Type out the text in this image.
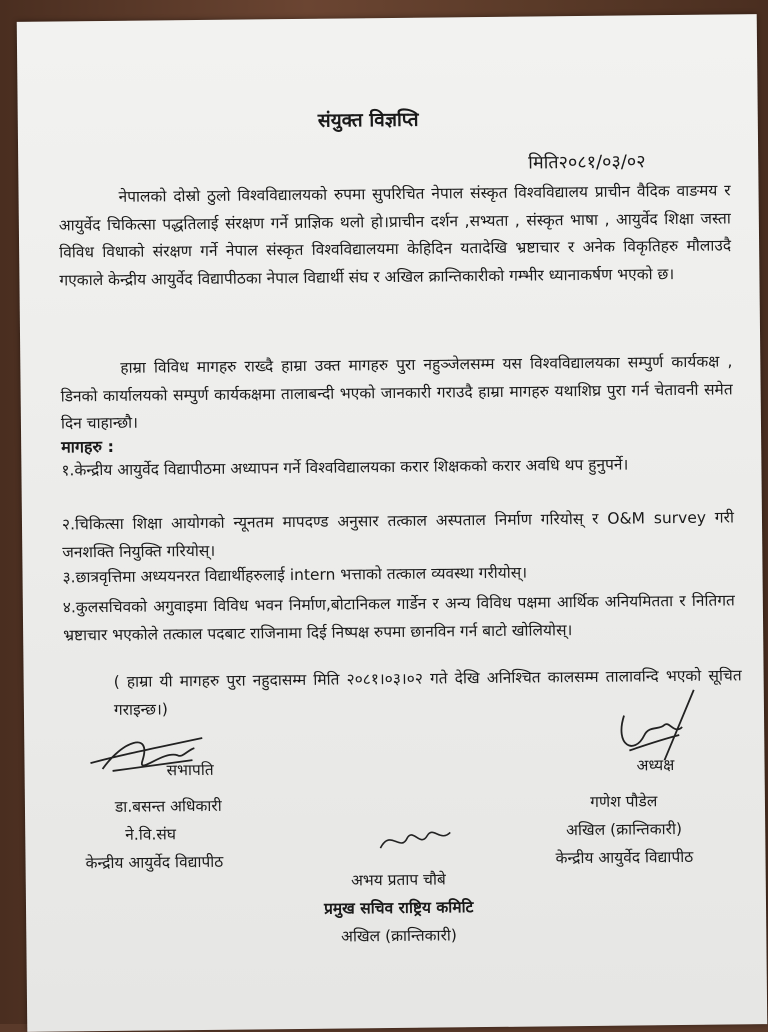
संयुक्त विज्ञप्ति
मिति२०८१/०३/०२
नेपालको दोस्रो ठुलो विश्वविद्यालयको रुपमा सुपरिचित नेपाल संस्कृत विश्वविद्यालय प्राचीन वैदिक वाङमय र आयुर्वेद चिकित्सा पद्धतिलाई संरक्षण गर्ने प्राज्ञिक थलो हो।प्राचीन दर्शन ,सभ्यता , संस्कृत भाषा , आयुर्वेद शिक्षा जस्ता विविध विधाको संरक्षण गर्ने नेपाल संस्कृत विश्वविद्यालयमा केहिदिन यतादेखि भ्रष्टाचार र अनेक विकृतिहरु मौलाउदै गएकाले केन्द्रीय आयुर्वेद विद्यापीठका नेपाल विद्यार्थी संघ र अखिल क्रान्तिकारीको गम्भीर ध्यानाकर्षण भएको छ।
हाम्रा विविध मागहरु राख्दै हाम्रा उक्त मागहरु पुरा नहुञ्जेलसम्म यस विश्वविद्यालयका सम्पुर्ण कार्यकक्ष , डिनको कार्यालयको सम्पुर्ण कार्यकक्षमा तालाबन्दी भएको जानकारी गराउदै हाम्रा मागहरु यथाशिघ्र पुरा गर्न चेतावनी समेत दिन चाहान्छौ।
मागहरु :
१.केन्द्रीय आयुर्वेद विद्यापीठमा अध्यापन गर्ने विश्वविद्यालयका करार शिक्षकको करार अवधि थप हुनुपर्ने।
२.चिकित्सा शिक्षा आयोगको न्यूनतम मापदण्ड अनुसार तत्काल अस्पताल निर्माण गरियोस् र O&M survey गरी जनशक्ति नियुक्ति गरियोस्।
३.छात्रवृत्तिमा अध्ययनरत विद्यार्थीहरुलाई intern भत्ताको तत्काल व्यवस्था गरीयोस्।
४.कुलसचिवको अगुवाइमा विविध भवन निर्माण,बोटानिकल गार्डेन र अन्य विविध पक्षमा आर्थिक अनियमितता र नितिगत भ्रष्टाचार भएकोले तत्काल पदबाट राजिनामा दिई निष्पक्ष रुपमा छानविन गर्न बाटो खोलियोस्।
( हाम्रा यी मागहरु पुरा नहुदासम्म मिति २०८१।०३।०२ गते देखि अनिश्चित कालसम्म तालावन्दि भएको सूचित गराइन्छ।)
सभापति
डा.बसन्त अधिकारी
ने.वि.संघ
केन्द्रीय आयुर्वेद विद्यापीठ
अध्यक्ष
गणेश पौडेल
अखिल (क्रान्तिकारी)
केन्द्रीय आयुर्वेद विद्यापीठ
अभय प्रताप चौबे
प्रमुख सचिव राष्ट्रिय कमिटि
अखिल (क्रान्तिकारी)
